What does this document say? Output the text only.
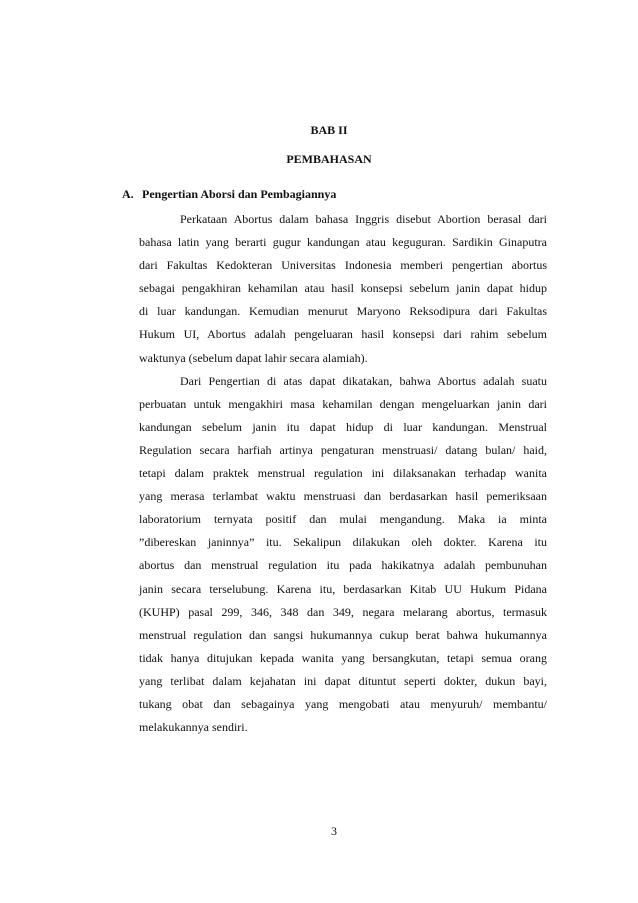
BAB II
PEMBAHASAN
A. Pengertian Aborsi dan Pembagiannya
Perkataan Abortus dalam bahasa Inggris disebut Abortion berasal dari
bahasa latin yang berarti gugur kandungan atau keguguran. Sardikin Ginaputra
dari Fakultas Kedokteran Universitas Indonesia memberi pengertian abortus
sebagai pengakhiran kehamilan atau hasil konsepsi sebelum janin dapat hidup
di luar kandungan. Kemudian menurut Maryono Reksodipura dari Fakultas
Hukum UI, Abortus adalah pengeluaran hasil konsepsi dari rahim sebelum
waktunya (sebelum dapat lahir secara alamiah).
Dari Pengertian di atas dapat dikatakan, bahwa Abortus adalah suatu
perbuatan untuk mengakhiri masa kehamilan dengan mengeluarkan janin dari
kandungan sebelum janin itu dapat hidup di luar kandungan. Menstrual
Regulation secara harfiah artinya pengaturan menstruasi/ datang bulan/ haid,
tetapi dalam praktek menstrual regulation ini dilaksanakan terhadap wanita
yang merasa terlambat waktu menstruasi dan berdasarkan hasil pemeriksaan
laboratorium ternyata positif dan mulai mengandung. Maka ia minta
”dibereskan janinnya” itu. Sekalipun dilakukan oleh dokter. Karena itu
abortus dan menstrual regulation itu pada hakikatnya adalah pembunuhan
janin secara terselubung. Karena itu, berdasarkan Kitab UU Hukum Pidana
(KUHP) pasal 299, 346, 348 dan 349, negara melarang abortus, termasuk
menstrual regulation dan sangsi hukumannya cukup berat bahwa hukumannya
tidak hanya ditujukan kepada wanita yang bersangkutan, tetapi semua orang
yang terlibat dalam kejahatan ini dapat dituntut seperti dokter, dukun bayi,
tukang obat dan sebagainya yang mengobati atau menyuruh/ membantu/
melakukannya sendiri.
3
